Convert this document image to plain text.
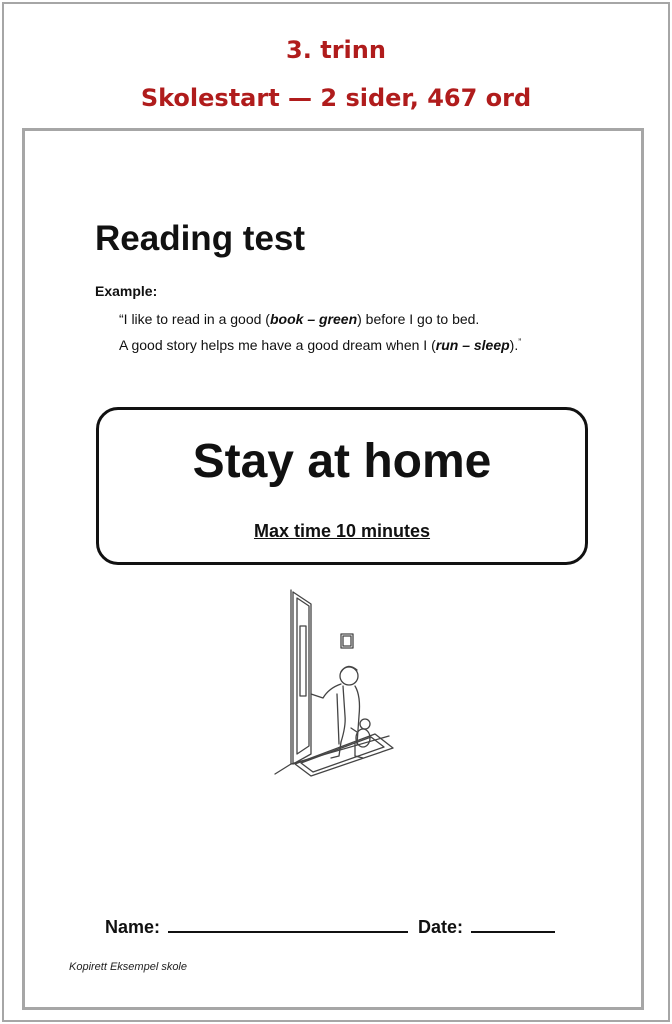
3. trinn
Skolestart — 2 sider, 467 ord
Reading test
Example:
“I like to read in a good (book – green) before I go to bed.
A good story helps me have a good dream when I (run – sleep).”
Stay at home
Max time 10 minutes
Name:	Date:
Kopirett Eksempel skole
